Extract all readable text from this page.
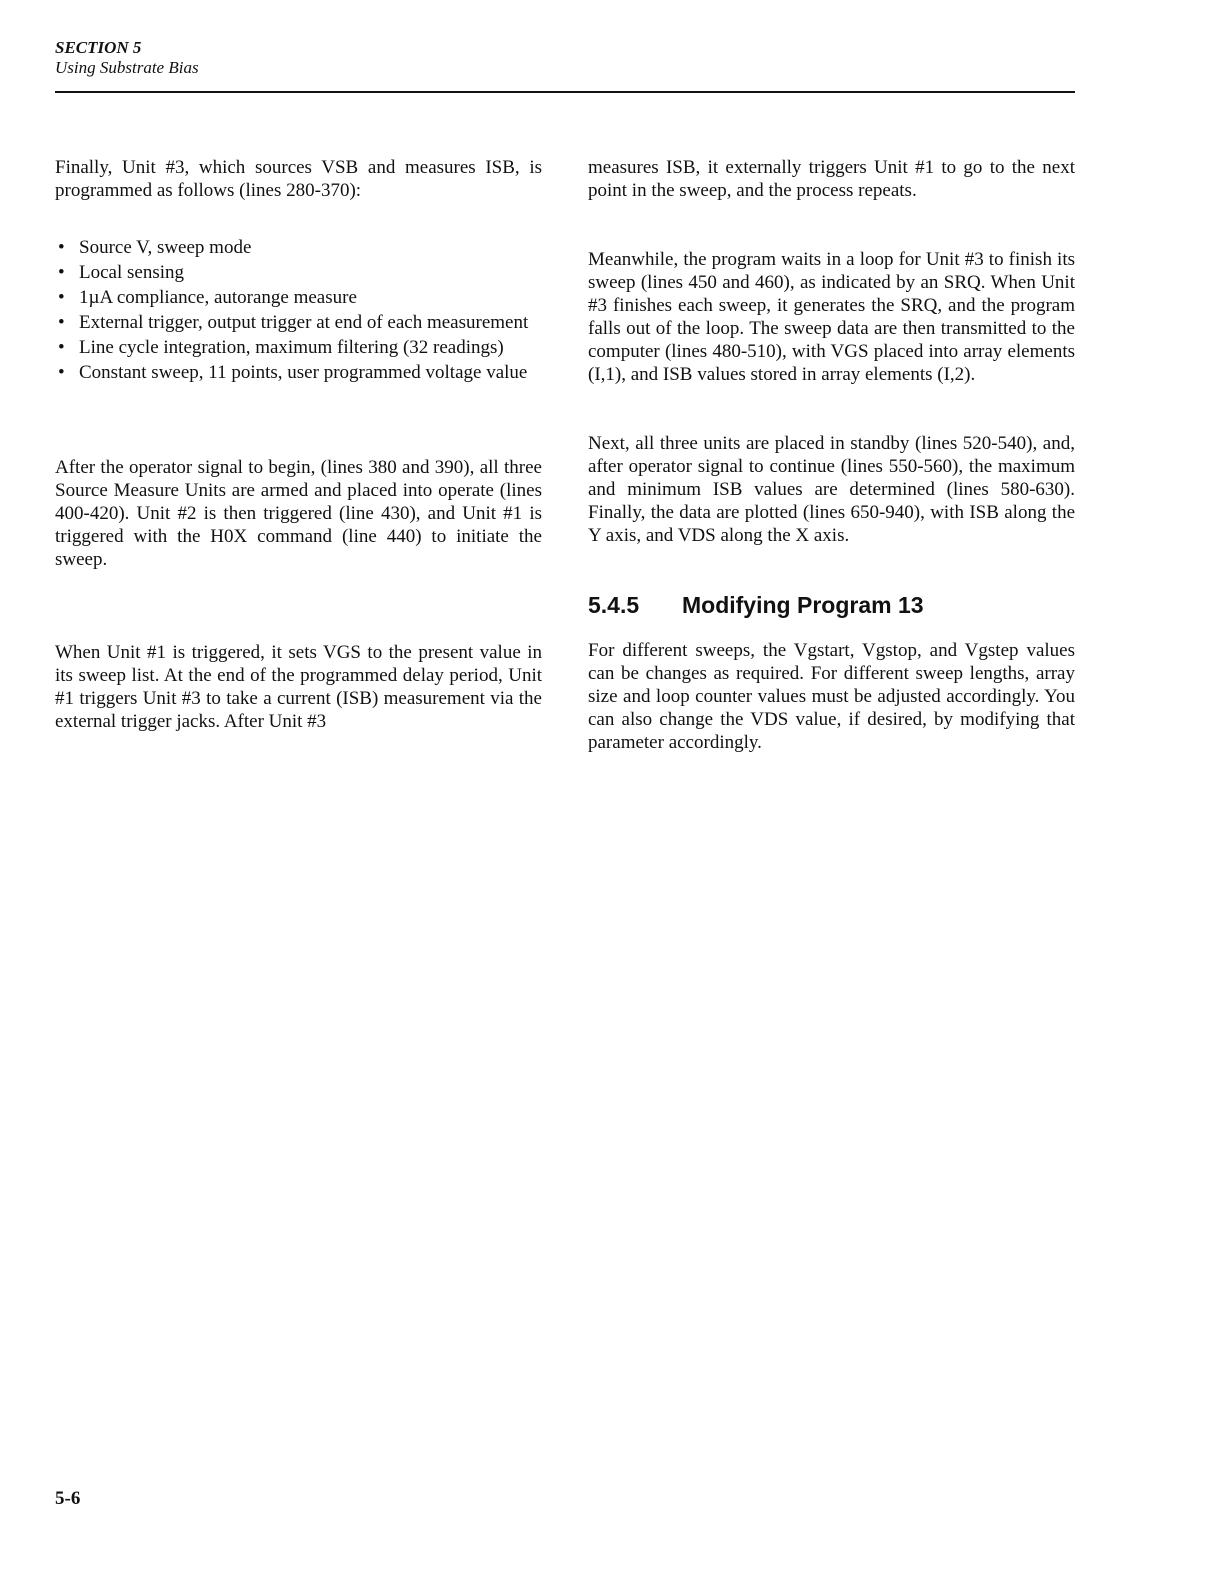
SECTION 5
Using Substrate Bias

Finally, Unit #3, which sources VSB and measures ISB, is programmed as follows (lines 280-370):

• Source V, sweep mode
• Local sensing
• 1µA compliance, autorange measure
• External trigger, output trigger at end of each measurement
• Line cycle integration, maximum filtering (32 readings)
• Constant sweep, 11 points, user programmed voltage value

After the operator signal to begin, (lines 380 and 390), all three Source Measure Units are armed and placed into operate (lines 400-420). Unit #2 is then triggered (line 430), and Unit #1 is triggered with the H0X command (line 440) to initiate the sweep.

When Unit #1 is triggered, it sets VGS to the present value in its sweep list. At the end of the programmed delay period, Unit #1 triggers Unit #3 to take a current (ISB) measurement via the external trigger jacks. After Unit #3

measures ISB, it externally triggers Unit #1 to go to the next point in the sweep, and the process repeats.

Meanwhile, the program waits in a loop for Unit #3 to finish its sweep (lines 450 and 460), as indicated by an SRQ. When Unit #3 finishes each sweep, it generates the SRQ, and the program falls out of the loop. The sweep data are then transmitted to the computer (lines 480-510), with VGS placed into array elements (I,1), and ISB values stored in array elements (I,2).

Next, all three units are placed in standby (lines 520-540), and, after operator signal to continue (lines 550-560), the maximum and minimum ISB values are determined (lines 580-630). Finally, the data are plotted (lines 650-940), with ISB along the Y axis, and VDS along the X axis.

5.4.5 Modifying Program 13

For different sweeps, the Vgstart, Vgstop, and Vgstep values can be changes as required. For different sweep lengths, array size and loop counter values must be adjusted accordingly. You can also change the VDS value, if desired, by modifying that parameter accordingly.

5-6
